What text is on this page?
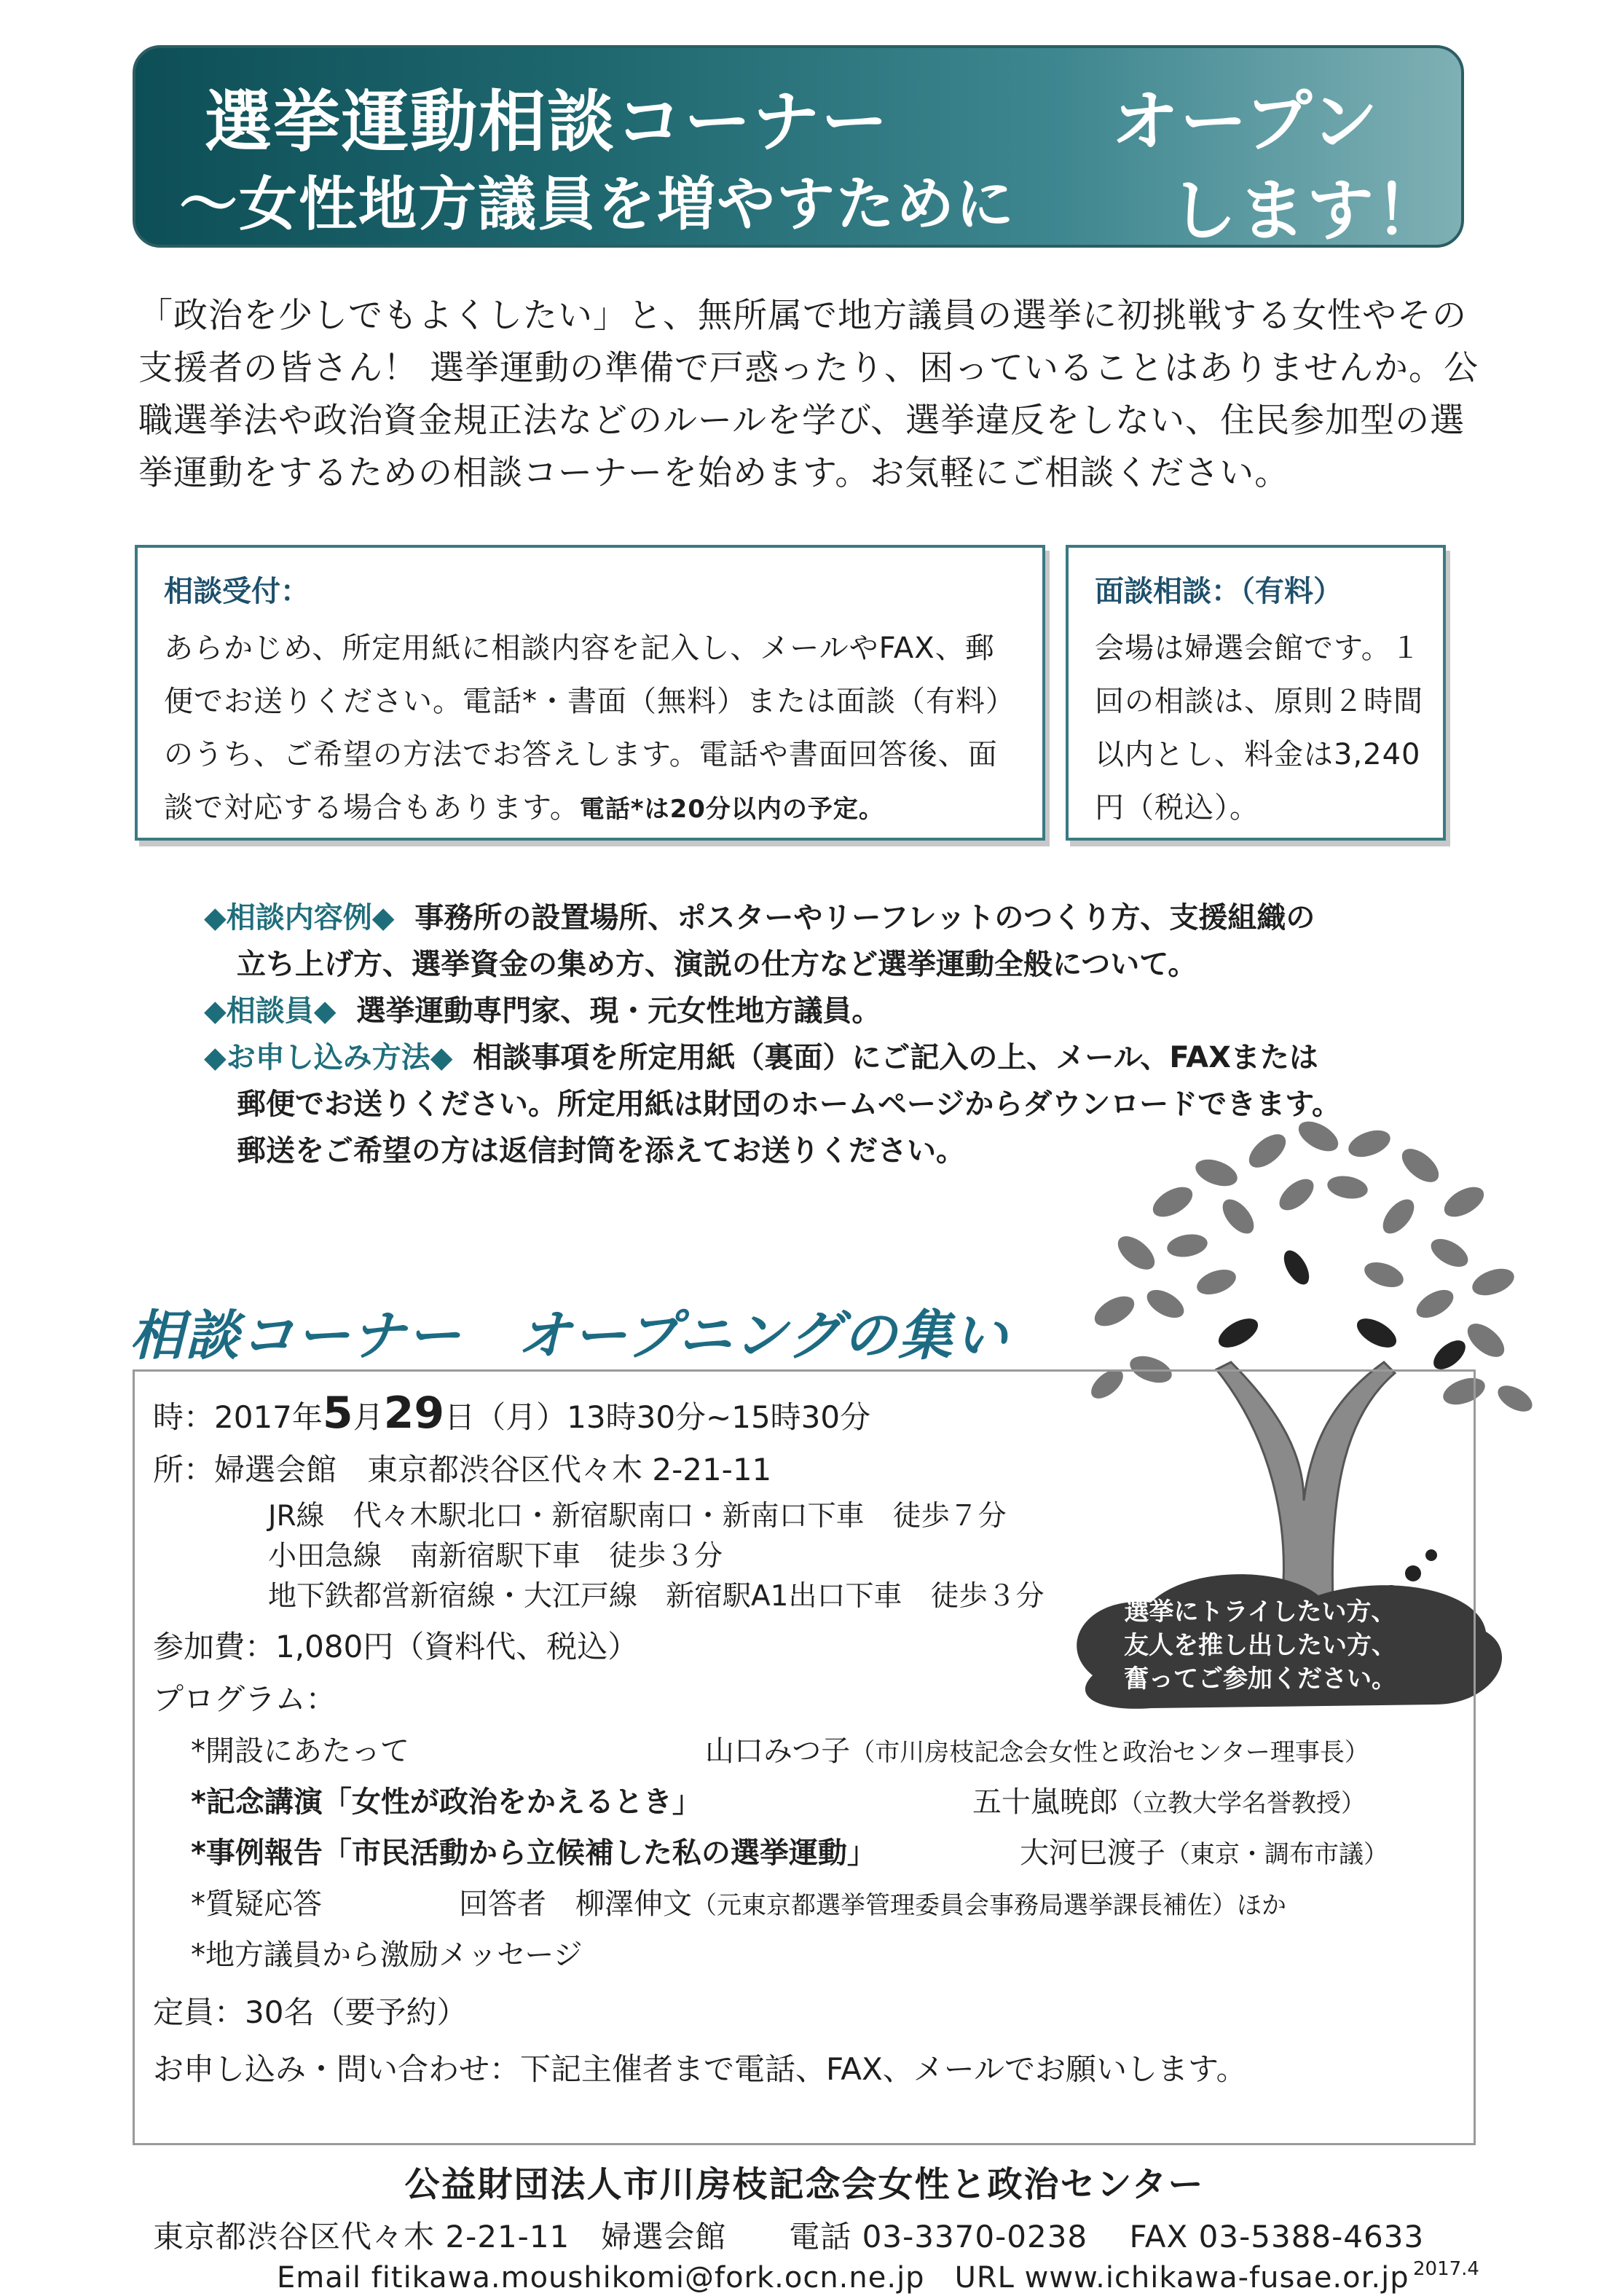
選挙運動相談コーナー
～女性地方議員を増やすために
オープン
します！
「政治を少しでもよくしたい」と、無所属で地方議員の選挙に初挑戦する女性やその支援者の皆さん！ 選挙運動の準備で戸惑ったり、困っていることはありませんか。公職選挙法や政治資金規正法などのルールを学び、選挙違反をしない、住民参加型の選挙運動をするための相談コーナーを始めます。お気軽にご相談ください。
相談受付：
あらかじめ、所定用紙に相談内容を記入し、メールやFAX、郵便でお送りください。電話*・書面（無料）または面談（有料）のうち、ご希望の方法でお答えします。電話や書面回答後、面談で対応する場合もあります。電話*は20分以内の予定。
面談相談：（有料）
会場は婦選会館です。１回の相談は、原則２時間以内とし、料金は3,240円（税込）。
◆相談内容例◆ 事務所の設置場所、ポスターやリーフレットのつくり方、支援組織の
立ち上げ方、選挙資金の集め方、演説の仕方など選挙運動全般について。
◆相談員◆ 選挙運動専門家、現・元女性地方議員。
◆お申し込み方法◆ 相談事項を所定用紙（裏面）にご記入の上、メール、FAXまたは
郵便でお送りください。所定用紙は財団のホームページからダウンロードできます。
郵送をご希望の方は返信封筒を添えてお送りください。
選挙にトライしたい方、
友人を推し出したい方、
奮ってご参加ください。
相談コーナー　オープニングの集い
時：2017年5月29日（月）13時30分~15時30分
所：婦選会館　東京都渋谷区代々木 2-21-11
JR線　代々木駅北口・新宿駅南口・新南口下車　徒歩７分
小田急線　南新宿駅下車　徒歩３分
地下鉄都営新宿線・大江戸線　新宿駅A1出口下車　徒歩３分
参加費：1,080円（資料代、税込）
プログラム：
*開設にあたって	山口みつ子（市川房枝記念会女性と政治センター理事長）
*記念講演「女性が政治をかえるとき」	五十嵐暁郎（立教大学名誉教授）
*事例報告「市民活動から立候補した私の選挙運動」	大河巳渡子（東京・調布市議）
*質疑応答	回答者　柳澤伸文（元東京都選挙管理委員会事務局選挙課長補佐）ほか
*地方議員から激励メッセージ
定員：30名（要予約）
お申し込み・問い合わせ：下記主催者まで電話、FAX、メールでお願いします。
公益財団法人市川房枝記念会女性と政治センター
東京都渋谷区代々木 2-21-11　婦選会館　　電話 03-3370-0238　 FAX 03-5388-4633
Email fitikawa.moushikomi@fork.ocn.ne.jp　URL www.ichikawa-fusae.or.jp 2017.4
